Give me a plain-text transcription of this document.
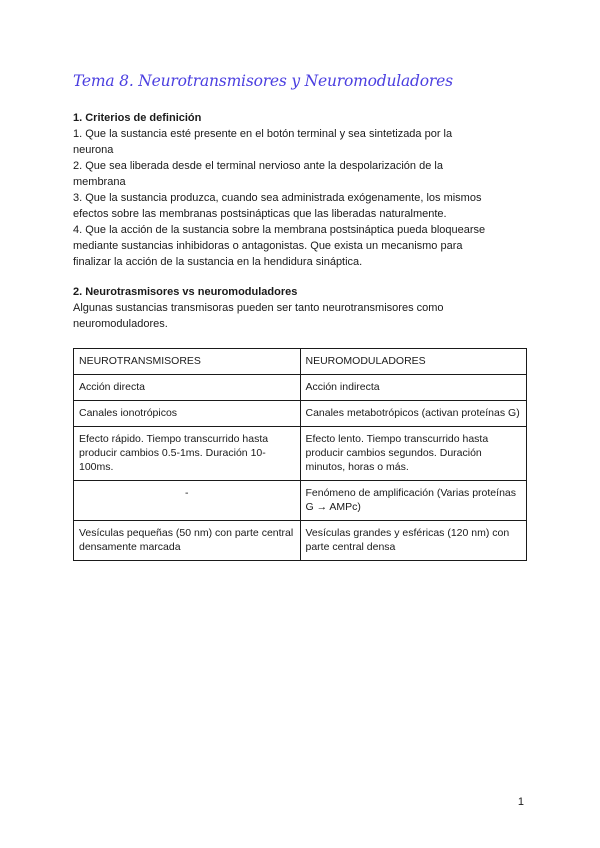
Tema 8. Neurotransmisores y Neuromoduladores

1. Criterios de definición

1. Que la sustancia esté presente en el botón terminal y sea sintetizada por la

neurona

2. Que sea liberada desde el terminal nervioso ante la despolarización de la

membrana

3. Que la sustancia produzca, cuando sea administrada exógenamente, los mismos

efectos sobre las membranas postsinápticas que las liberadas naturalmente.

4. Que la acción de la sustancia sobre la membrana postsináptica pueda bloquearse

mediante sustancias inhibidoras o antagonistas. Que exista un mecanismo para

finalizar la acción de la sustancia en la hendidura sináptica.

2. Neurotrasmisores vs neuromoduladores

Algunas sustancias transmisoras pueden ser tanto neurotransmisores como

neuromoduladores.

NEUROTRANSMISORES	NEUROMODULADORES
Acción directa	Acción indirecta
Canales ionotrópicos	Canales metabotrópicos (activan proteínas G)
Efecto rápido. Tiempo transcurrido hasta producir cambios 0.5-1ms. Duración 10-100ms.	Efecto lento. Tiempo transcurrido hasta producir cambios segundos. Duración minutos, horas o más.
-	Fenómeno de amplificación (Varias proteínas G → AMPc)
Vesículas pequeñas (50 nm) con parte central densamente marcada	Vesículas grandes y esféricas (120 nm) con parte central densa
1
